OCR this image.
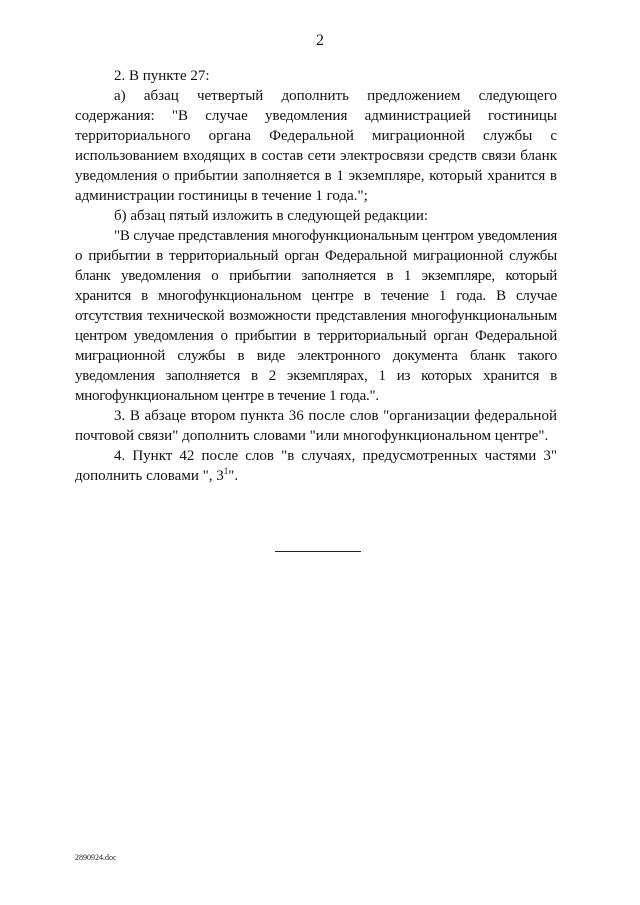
2

2. В пункте 27:

а) абзац четвертый дополнить предложением следующего содержания: "В случае уведомления администрацией гостиницы территориального органа Федеральной миграционной службы с использованием входящих в состав сети электросвязи средств связи бланк уведомления о прибытии заполняется в 1 экземпляре, который хранится в администрации гостиницы в течение 1 года.";

б) абзац пятый изложить в следующей редакции:

"В случае представления многофункциональным центром уведомления о прибытии в территориальный орган Федеральной миграционной службы бланк уведомления о прибытии заполняется в 1 экземпляре, который хранится в многофункциональном центре в течение 1 года. В случае отсутствия технической возможности представления многофункциональным центром уведомления о прибытии в территориальный орган Федеральной миграционной службы в виде электронного документа бланк такого уведомления заполняется в 2 экземплярах, 1 из которых хранится в многофункциональном центре в течение 1 года.".

3. В абзаце втором пункта 36 после слов "организации федеральной почтовой связи" дополнить словами "или многофункциональном центре".

4. Пункт 42 после слов "в случаях, предусмотренных частями 3" дополнить словами ", $3^1$".

2890924.doc
